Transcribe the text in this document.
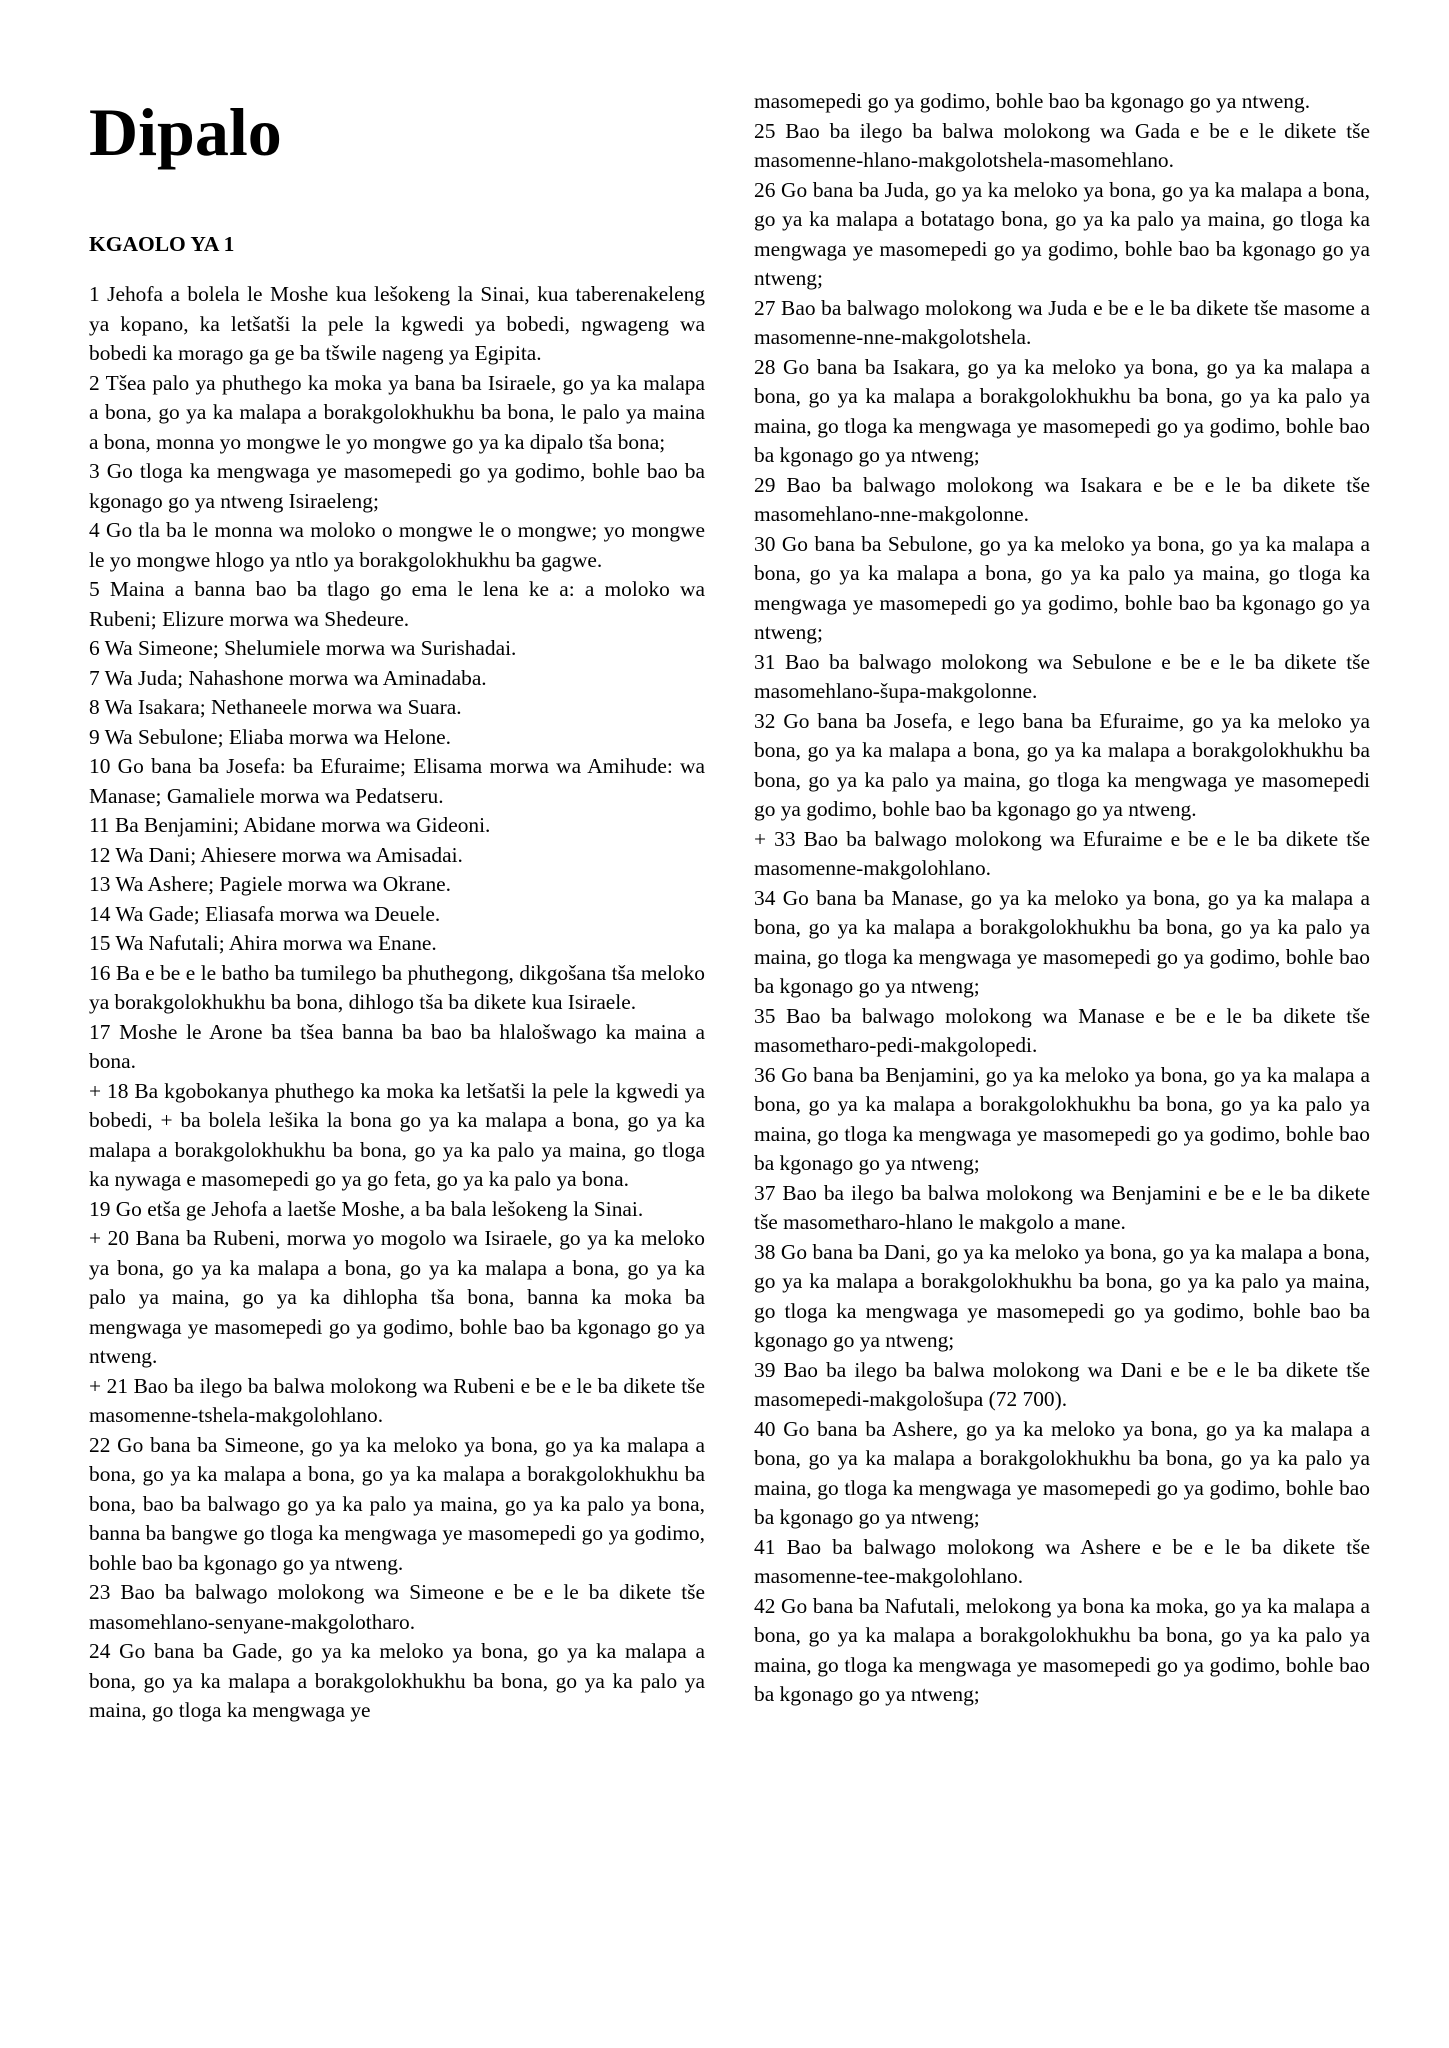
Dipalo
KGAOLO YA 1

1 Jehofa a bolela le Moshe kua lešokeng la Sinai, kua taberenakeleng ya kopano, ka letšatši la pele la kgwedi ya bobedi, ngwageng wa bobedi ka morago ga ge ba tšwile nageng ya Egipita.

2 Tšea palo ya phuthego ka moka ya bana ba Isiraele, go ya ka malapa a bona, go ya ka malapa a borakgolokhukhu ba bona, le palo ya maina a bona, monna yo mongwe le yo mongwe go ya ka dipalo tša bona;

3 Go tloga ka mengwaga ye masomepedi go ya godimo, bohle bao ba kgonago go ya ntweng Isiraeleng;

4 Go tla ba le monna wa moloko o mongwe le o mongwe; yo mongwe le yo mongwe hlogo ya ntlo ya borakgolokhukhu ba gagwe.

5 Maina a banna bao ba tlago go ema le lena ke a: a moloko wa Rubeni; Elizure morwa wa Shedeure.

6 Wa Simeone; Shelumiele morwa wa Surishadai.

7 Wa Juda; Nahashone morwa wa Aminadaba.

8 Wa Isakara; Nethaneele morwa wa Suara.

9 Wa Sebulone; Eliaba morwa wa Helone.

10 Go bana ba Josefa: ba Efuraime; Elisama morwa wa Amihude: wa Manase; Gamaliele morwa wa Pedatseru.

11 Ba Benjamini; Abidane morwa wa Gideoni.

12 Wa Dani; Ahiesere morwa wa Amisadai.

13 Wa Ashere; Pagiele morwa wa Okrane.

14 Wa Gade; Eliasafa morwa wa Deuele.

15 Wa Nafutali; Ahira morwa wa Enane.

16 Ba e be e le batho ba tumilego ba phuthegong, dikgošana tša meloko ya borakgolokhukhu ba bona, dihlogo tša ba dikete kua Isiraele.

17 Moshe le Arone ba tšea banna ba bao ba hlalošwago ka maina a bona.

+ 18 Ba kgobokanya phuthego ka moka ka letšatši la pele la kgwedi ya bobedi, + ba bolela lešika la bona go ya ka malapa a bona, go ya ka malapa a borakgolokhukhu ba bona, go ya ka palo ya maina, go tloga ka nywaga e masomepedi go ya go feta, go ya ka palo ya bona.

19 Go etša ge Jehofa a laetše Moshe, a ba bala lešokeng la Sinai.

+ 20 Bana ba Rubeni, morwa yo mogolo wa Isiraele, go ya ka meloko ya bona, go ya ka malapa a bona, go ya ka malapa a bona, go ya ka palo ya maina, go ya ka dihlopha tša bona, banna ka moka ba mengwaga ye masomepedi go ya godimo, bohle bao ba kgonago go ya ntweng.

+ 21 Bao ba ilego ba balwa molokong wa Rubeni e be e le ba dikete tše masomenne-tshela-makgolohlano.

22 Go bana ba Simeone, go ya ka meloko ya bona, go ya ka malapa a bona, go ya ka malapa a bona, go ya ka malapa a borakgolokhukhu ba bona, bao ba balwago go ya ka palo ya maina, go ya ka palo ya bona, banna ba bangwe go tloga ka mengwaga ye masomepedi go ya godimo, bohle bao ba kgonago go ya ntweng.

23 Bao ba balwago molokong wa Simeone e be e le ba dikete tše masomehlano-senyane-makgolotharo.

24 Go bana ba Gade, go ya ka meloko ya bona, go ya ka malapa a bona, go ya ka malapa a borakgolokhukhu ba bona, go ya ka palo ya maina, go tloga ka mengwaga ye

masomepedi go ya godimo, bohle bao ba kgonago go ya ntweng.

25 Bao ba ilego ba balwa molokong wa Gada e be e le dikete tše masomenne-hlano-makgolotshela-masomehlano.

26 Go bana ba Juda, go ya ka meloko ya bona, go ya ka malapa a bona, go ya ka malapa a botatago bona, go ya ka palo ya maina, go tloga ka mengwaga ye masomepedi go ya godimo, bohle bao ba kgonago go ya ntweng;

27 Bao ba balwago molokong wa Juda e be e le ba dikete tše masome a masomenne-nne-makgolotshela.

28 Go bana ba Isakara, go ya ka meloko ya bona, go ya ka malapa a bona, go ya ka malapa a borakgolokhukhu ba bona, go ya ka palo ya maina, go tloga ka mengwaga ye masomepedi go ya godimo, bohle bao ba kgonago go ya ntweng;

29 Bao ba balwago molokong wa Isakara e be e le ba dikete tše masomehlano-nne-makgolonne.

30 Go bana ba Sebulone, go ya ka meloko ya bona, go ya ka malapa a bona, go ya ka malapa a bona, go ya ka palo ya maina, go tloga ka mengwaga ye masomepedi go ya godimo, bohle bao ba kgonago go ya ntweng;

31 Bao ba balwago molokong wa Sebulone e be e le ba dikete tše masomehlano-šupa-makgolonne.

32 Go bana ba Josefa, e lego bana ba Efuraime, go ya ka meloko ya bona, go ya ka malapa a bona, go ya ka malapa a borakgolokhukhu ba bona, go ya ka palo ya maina, go tloga ka mengwaga ye masomepedi go ya godimo, bohle bao ba kgonago go ya ntweng.

+ 33 Bao ba balwago molokong wa Efuraime e be e le ba dikete tše masomenne-makgolohlano.

34 Go bana ba Manase, go ya ka meloko ya bona, go ya ka malapa a bona, go ya ka malapa a borakgolokhukhu ba bona, go ya ka palo ya maina, go tloga ka mengwaga ye masomepedi go ya godimo, bohle bao ba kgonago go ya ntweng;

35 Bao ba balwago molokong wa Manase e be e le ba dikete tše masometharo-pedi-makgolopedi.

36 Go bana ba Benjamini, go ya ka meloko ya bona, go ya ka malapa a bona, go ya ka malapa a borakgolokhukhu ba bona, go ya ka palo ya maina, go tloga ka mengwaga ye masomepedi go ya godimo, bohle bao ba kgonago go ya ntweng;

37 Bao ba ilego ba balwa molokong wa Benjamini e be e le ba dikete tše masometharo-hlano le makgolo a mane.

38 Go bana ba Dani, go ya ka meloko ya bona, go ya ka malapa a bona, go ya ka malapa a borakgolokhukhu ba bona, go ya ka palo ya maina, go tloga ka mengwaga ye masomepedi go ya godimo, bohle bao ba kgonago go ya ntweng;

39 Bao ba ilego ba balwa molokong wa Dani e be e le ba dikete tše masomepedi-makgološupa (72 700).

40 Go bana ba Ashere, go ya ka meloko ya bona, go ya ka malapa a bona, go ya ka malapa a borakgolokhukhu ba bona, go ya ka palo ya maina, go tloga ka mengwaga ye masomepedi go ya godimo, bohle bao ba kgonago go ya ntweng;

41 Bao ba balwago molokong wa Ashere e be e le ba dikete tše masomenne-tee-makgolohlano.

42 Go bana ba Nafutali, melokong ya bona ka moka, go ya ka malapa a bona, go ya ka malapa a borakgolokhukhu ba bona, go ya ka palo ya maina, go tloga ka mengwaga ye masomepedi go ya godimo, bohle bao ba kgonago go ya ntweng;
